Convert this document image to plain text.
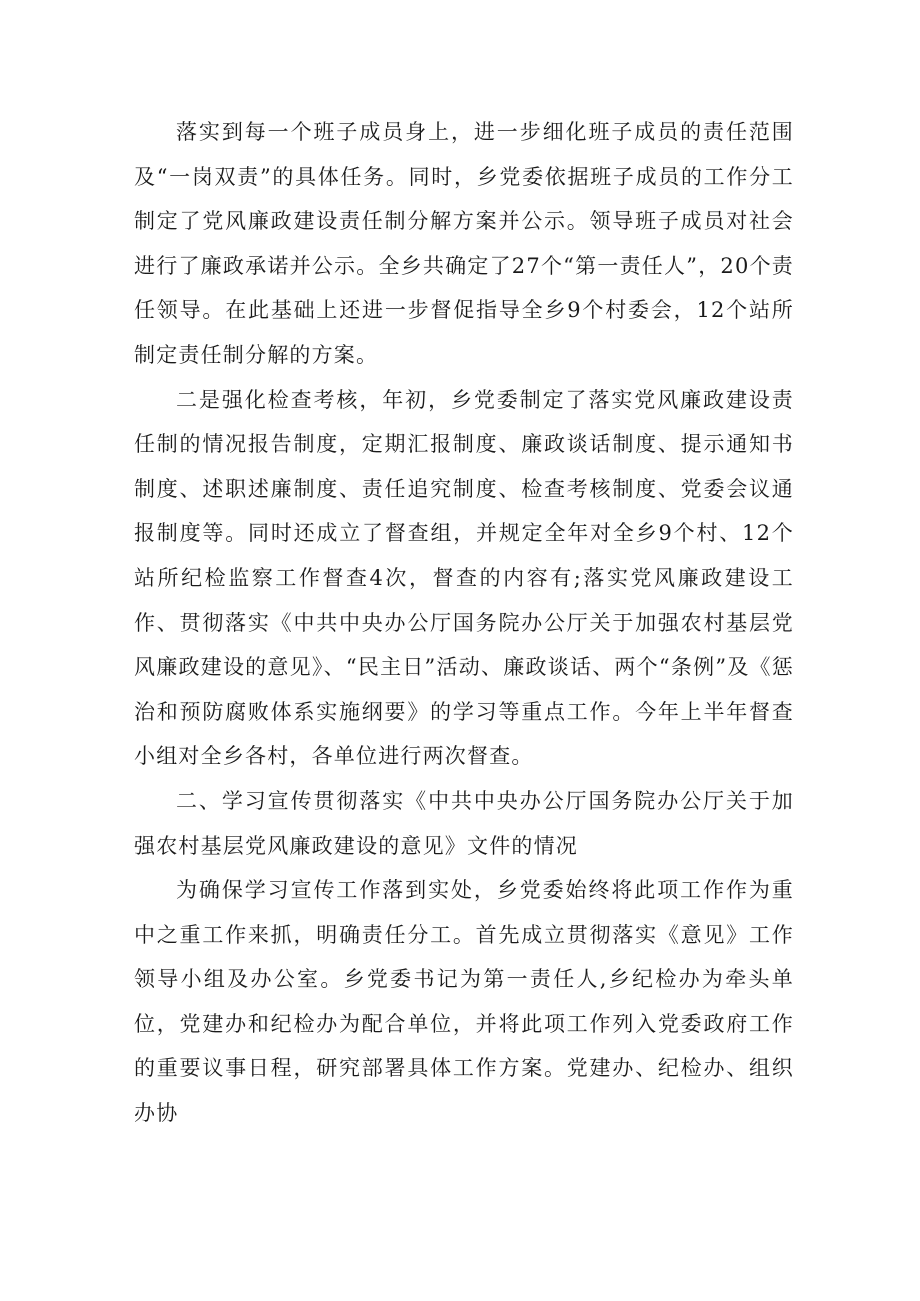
落实到每一个班子成员身上，进一步细化班子成员的责任范围及“一岗双责”的具体任务。同时，乡党委依据班子成员的工作分工制定了党风廉政建设责任制分解方案并公示。领导班子成员对社会进行了廉政承诺并公示。全乡共确定了27个“第一责任人”，20个责任领导。在此基础上还进一步督促指导全乡9个村委会，12个站所制定责任制分解的方案。

二是强化检查考核，年初，乡党委制定了落实党风廉政建设责任制的情况报告制度，定期汇报制度、廉政谈话制度、提示通知书制度、述职述廉制度、责任追究制度、检查考核制度、党委会议通报制度等。同时还成立了督查组，并规定全年对全乡9个村、12个站所纪检监察工作督查4次，督查的内容有;落实党风廉政建设工作、贯彻落实《中共中央办公厅国务院办公厅关于加强农村基层党风廉政建设的意见》、“民主日”活动、廉政谈话、两个“条例”及《惩治和预防腐败体系实施纲要》的学习等重点工作。今年上半年督查小组对全乡各村，各单位进行两次督查。

二、学习宣传贯彻落实《中共中央办公厅国务院办公厅关于加强农村基层党风廉政建设的意见》文件的情况

为确保学习宣传工作落到实处，乡党委始终将此项工作作为重中之重工作来抓，明确责任分工。首先成立贯彻落实《意见》工作领导小组及办公室。乡党委书记为第一责任人,乡纪检办为牵头单位，党建办和纪检办为配合单位，并将此项工作列入党委政府工作的重要议事日程，研究部署具体工作方案。党建办、纪检办、组织办协
